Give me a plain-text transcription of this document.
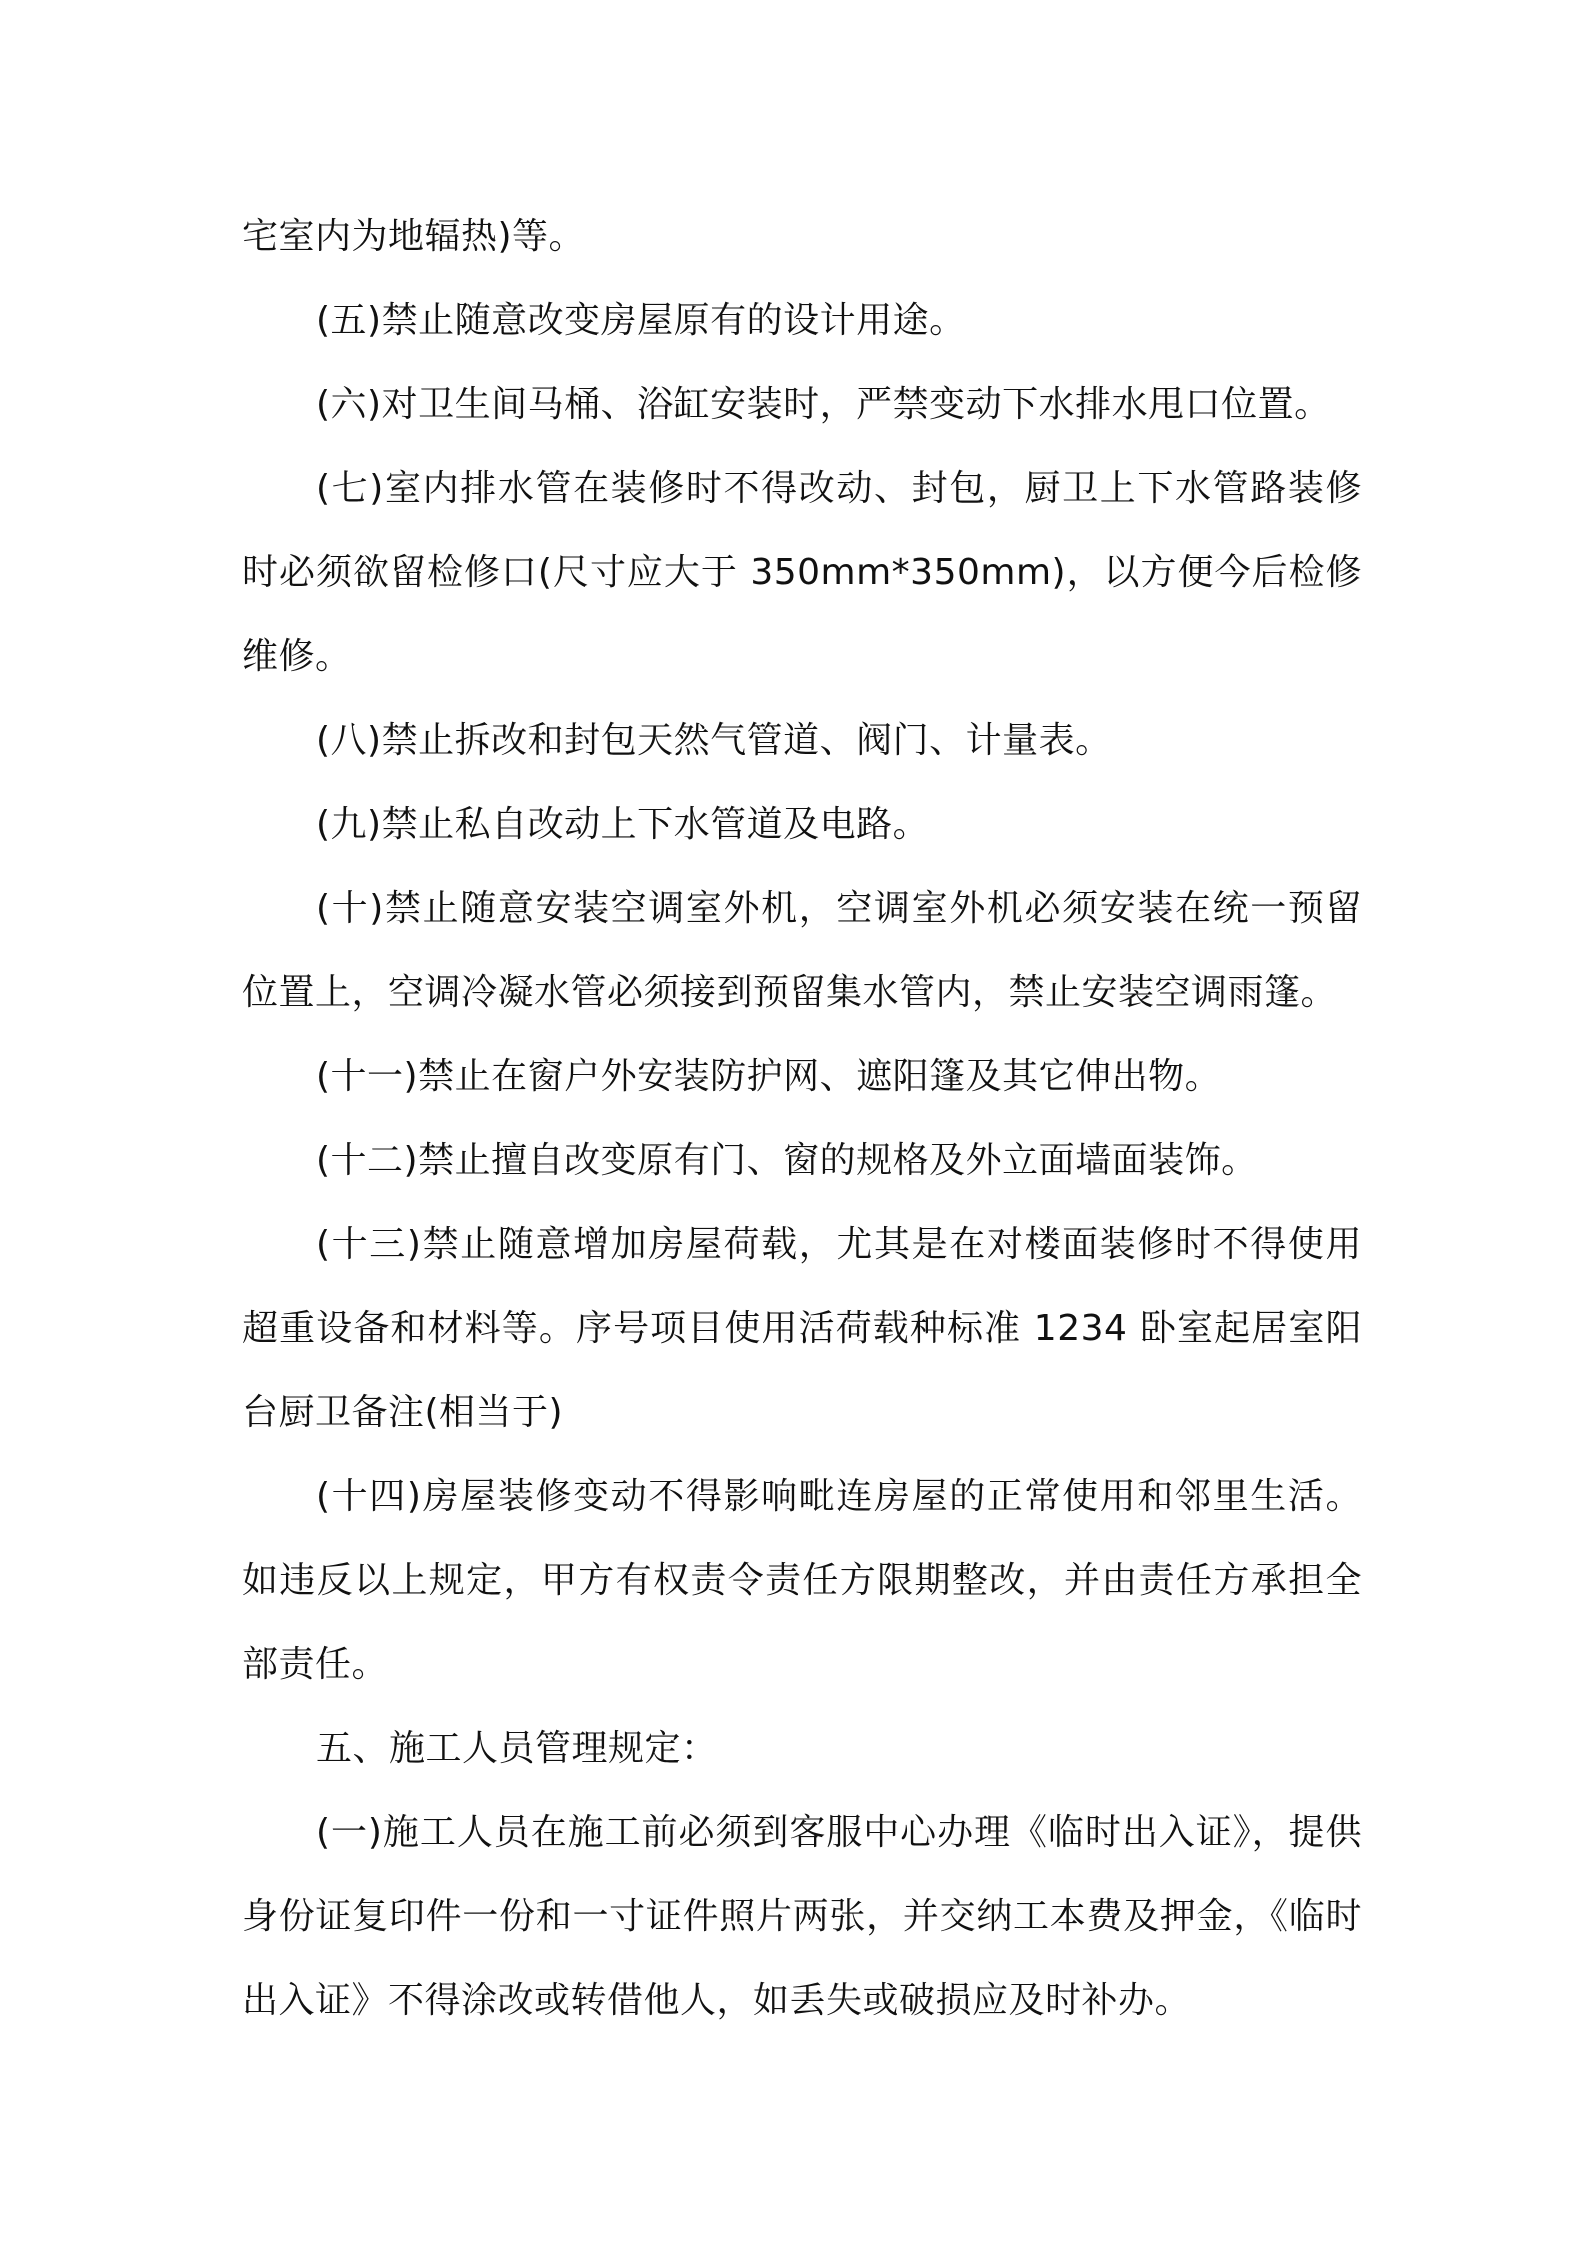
宅室内为地辐热)等。

(五)禁止随意改变房屋原有的设计用途。

(六)对卫生间马桶、浴缸安装时，严禁变动下水排水甩口位置。

(七)室内排水管在装修时不得改动、封包，厨卫上下水管路装修时必须欲留检修口(尺寸应大于 350mm*350mm)，以方便今后检修维修。

(八)禁止拆改和封包天然气管道、阀门、计量表。

(九)禁止私自改动上下水管道及电路。

(十)禁止随意安装空调室外机，空调室外机必须安装在统一预留位置上，空调冷凝水管必须接到预留集水管内，禁止安装空调雨篷。

(十一)禁止在窗户外安装防护网、遮阳篷及其它伸出物。

(十二)禁止擅自改变原有门、窗的规格及外立面墙面装饰。

(十三)禁止随意增加房屋荷载，尤其是在对楼面装修时不得使用超重设备和材料等。序号项目使用活荷载种标准 1234 卧室起居室阳台厨卫备注(相当于)

(十四)房屋装修变动不得影响毗连房屋的正常使用和邻里生活。如违反以上规定，甲方有权责令责任方限期整改，并由责任方承担全部责任。

五、施工人员管理规定：

(一)施工人员在施工前必须到客服中心办理《临时出入证》，提供身份证复印件一份和一寸证件照片两张，并交纳工本费及押金，《临时出入证》不得涂改或转借他人，如丢失或破损应及时补办。
